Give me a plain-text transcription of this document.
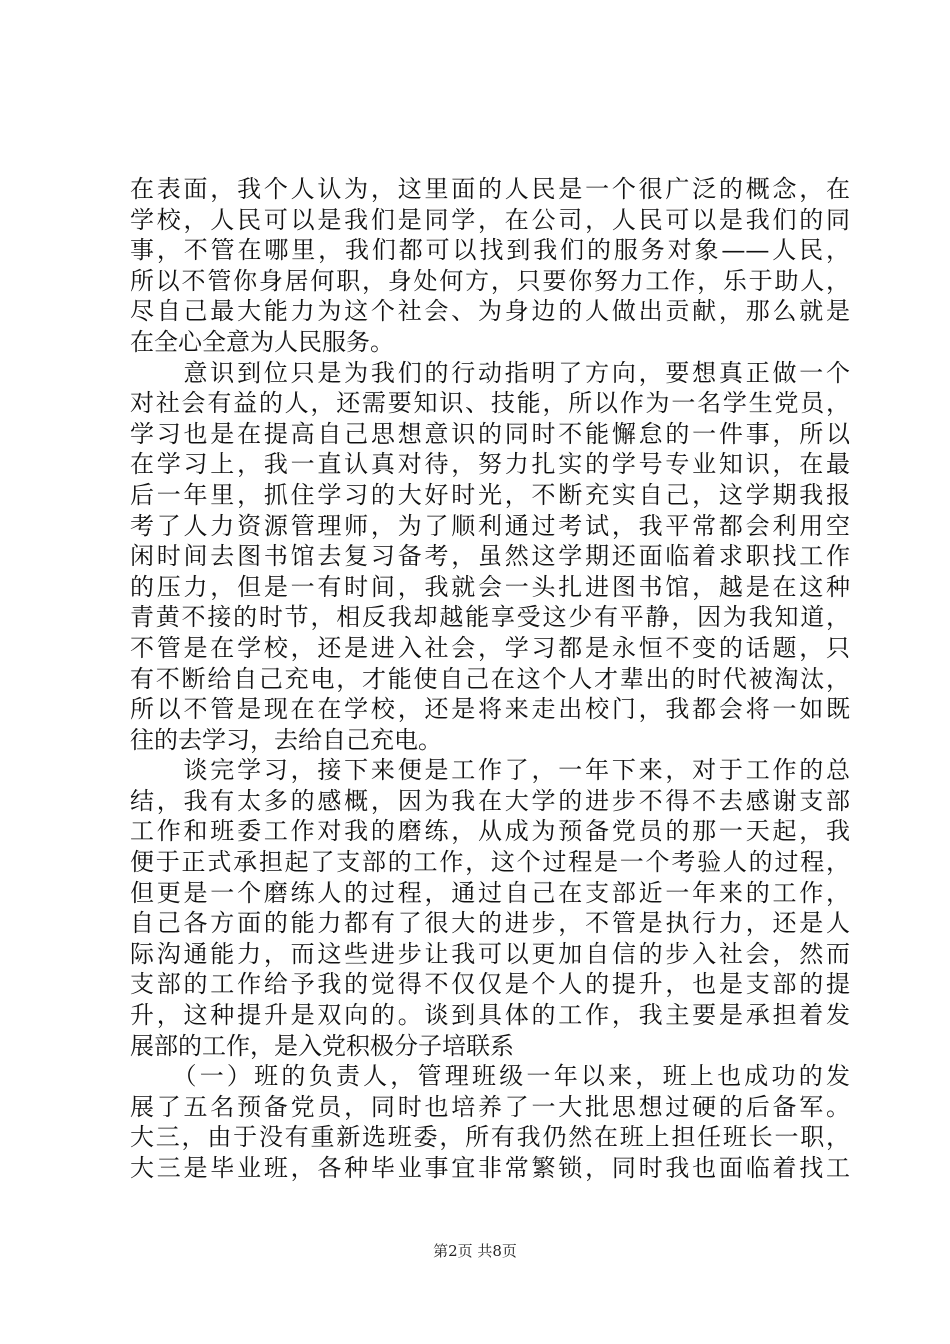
在表面，我个人认为，这里面的人民是一个很广泛的概念，在
学校，人民可以是我们是同学，在公司，人民可以是我们的同
事，不管在哪里，我们都可以找到我们的服务对象——人民，
所以不管你身居何职，身处何方，只要你努力工作，乐于助人，
尽自己最大能力为这个社会、为身边的人做出贡献，那么就是
在全心全意为人民服务。
　　意识到位只是为我们的行动指明了方向，要想真正做一个
对社会有益的人，还需要知识、技能，所以作为一名学生党员，
学习也是在提高自己思想意识的同时不能懈怠的一件事，所以
在学习上，我一直认真对待，努力扎实的学号专业知识，在最
后一年里，抓住学习的大好时光，不断充实自己，这学期我报
考了人力资源管理师，为了顺利通过考试，我平常都会利用空
闲时间去图书馆去复习备考，虽然这学期还面临着求职找工作
的压力，但是一有时间，我就会一头扎进图书馆，越是在这种
青黄不接的时节，相反我却越能享受这少有平静，因为我知道，
不管是在学校，还是进入社会，学习都是永恒不变的话题，只
有不断给自己充电，才能使自己在这个人才辈出的时代被淘汰，
所以不管是现在在学校，还是将来走出校门，我都会将一如既
往的去学习，去给自己充电。
　　谈完学习，接下来便是工作了，一年下来，对于工作的总
结，我有太多的感概，因为我在大学的进步不得不去感谢支部
工作和班委工作对我的磨练，从成为预备党员的那一天起，我
便于正式承担起了支部的工作，这个过程是一个考验人的过程，
但更是一个磨练人的过程，通过自己在支部近一年来的工作，
自己各方面的能力都有了很大的进步，不管是执行力，还是人
际沟通能力，而这些进步让我可以更加自信的步入社会，然而
支部的工作给予我的觉得不仅仅是个人的提升，也是支部的提
升，这种提升是双向的。谈到具体的工作，我主要是承担着发
展部的工作，是入党积极分子培联系
　　（一）班的负责人，管理班级一年以来，班上也成功的发
展了五名预备党员，同时也培养了一大批思想过硬的后备军。
大三，由于没有重新选班委，所有我仍然在班上担任班长一职，
大三是毕业班，各种毕业事宜非常繁锁，同时我也面临着找工
第2页 共8页
